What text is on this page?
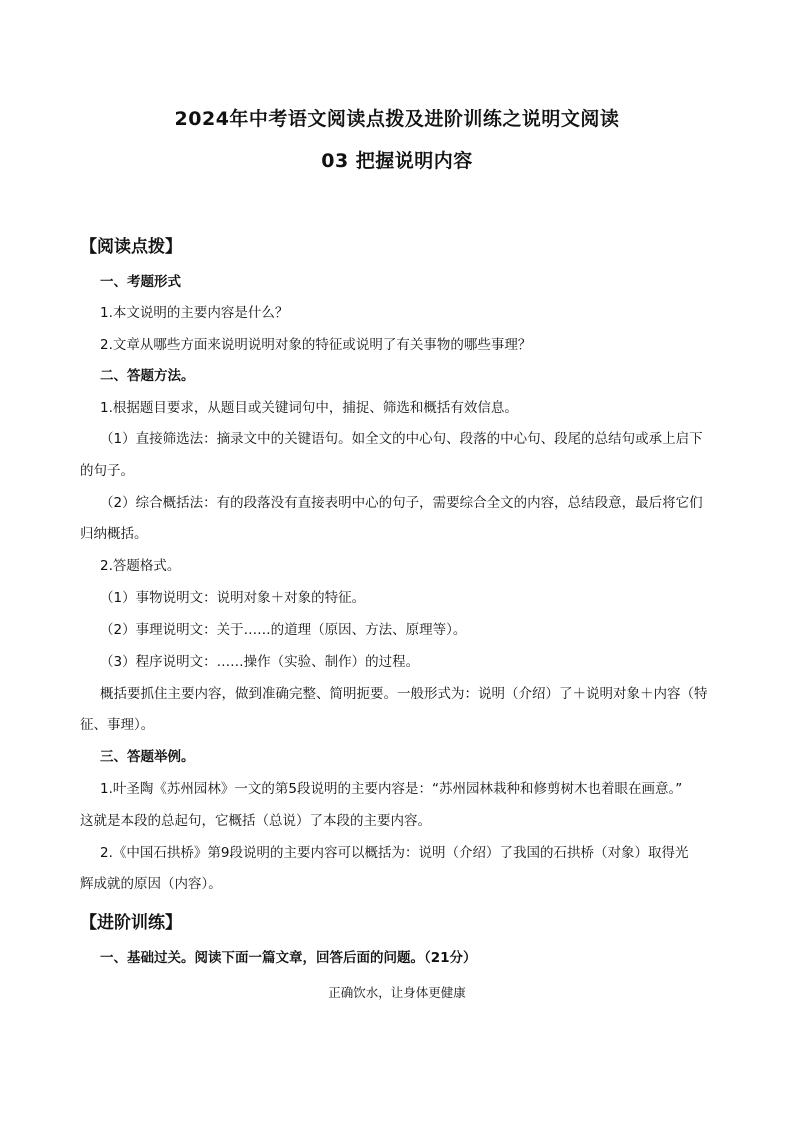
2024年中考语文阅读点拨及进阶训练之说明文阅读
03 把握说明内容
【阅读点拨】
一、考题形式
1.本文说明的主要内容是什么？
2.文章从哪些方面来说明说明对象的特征或说明了有关事物的哪些事理？
二、答题方法。
1.根据题目要求，从题目或关键词句中，捕捉、筛选和概括有效信息。
（1）直接筛选法：摘录文中的关键语句。如全文的中心句、段落的中心句、段尾的总结句或承上启下
的句子。
（2）综合概括法：有的段落没有直接表明中心的句子，需要综合全文的内容，总结段意，最后将它们
归纳概括。
2.答题格式。
（1）事物说明文：说明对象＋对象的特征。
（2）事理说明文：关于……的道理（原因、方法、原理等）。
（3）程序说明文：……操作（实验、制作）的过程。
概括要抓住主要内容，做到准确完整、简明扼要。一般形式为：说明（介绍）了＋说明对象＋内容（特
征、事理）。
三、答题举例。
1.叶圣陶《苏州园林》一文的第5段说明的主要内容是：“苏州园林栽种和修剪树木也着眼在画意。”
这就是本段的总起句，它概括（总说）了本段的主要内容。
2.《中国石拱桥》第9段说明的主要内容可以概括为：说明（介绍）了我国的石拱桥（对象）取得光
辉成就的原因（内容）。
【进阶训练】
一、基础过关。阅读下面一篇文章，回答后面的问题。（21分）
正确饮水，让身体更健康
